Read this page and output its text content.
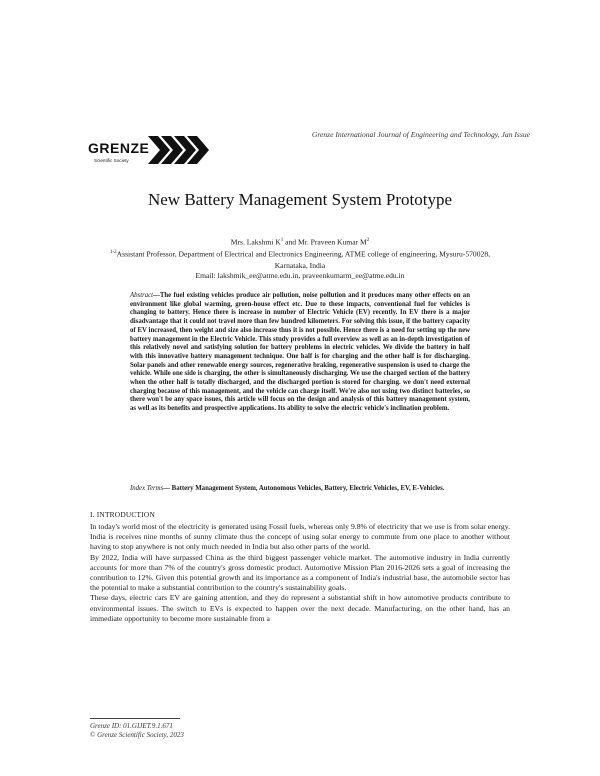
Grenze International Journal of Engineering and Technology, Jan Issue
GRENZE
Scientific Society
New Battery Management System Prototype
Mrs. Lakshmi $K^1$ and Mr. Praveen Kumar $M^2$
$^{1-2}$Assistant Professor, Department of Electrical and Electronics Engineering, ATME college of engineering, Mysuru-570028,
Karnataka, India
Email: lakshmik_ee@atme.edu.in, praveenkumarm_ee@atme.edu.in
Abstract—The fuel existing vehicles produce air pollution, noise pollution and it produces many other effects on an environment like global warming, green-house effect etc. Due to these impacts, conventional fuel for vehicles is changing to battery. Hence there is increase in number of Electric Vehicle (EV) recently. In EV there is a major disadvantage that it could not travel more than few hundred kilometers. For solving this issue, if the battery capacity of EV increased, then weight and size also increase thus it is not possible. Hence there is a need for setting up the new battery management in the Electric Vehicle. This study provides a full overview as well as an in-depth investigation of this relatively novel and satisfying solution for battery problems in electric vehicles. We divide the battery in half with this innovative battery management technique. One half is for charging and the other half is for discharging. Solar panels and other renewable energy sources, regenerative braking, regenerative suspension is used to charge the vehicle. While one side is charging, the other is simultaneously discharging. We use the charged section of the battery when the other half is totally discharged, and the discharged portion is stored for charging. we don't need external charging because of this management, and the vehicle can charge itself. We're also not using two distinct batteries, so there won't be any space issues, this article will focus on the design and analysis of this battery management system, as well as its benefits and prospective applications. Its ability to solve the electric vehicle's inclination problem.
Index Terms— Battery Management System, Autonomous Vehicles, Battery, Electric Vehicles, EV, E-Vehicles.
I. INTRODUCTION

In today's world most of the electricity is generated using Fossil fuels, whereas only 9.8% of electricity that we use is from solar energy. India is receives nine months of sunny climate thus the concept of using solar energy to commute from one place to another without having to stop anywhere is not only much needed in India but also other parts of the world.

By 2022, India will have surpassed China as the third biggest passenger vehicle market. The automotive industry in India currently accounts for more than 7% of the country's gross domestic product. Automotive Mission Plan 2016-2026 sets a goal of increasing the contribution to 12%. Given this potential growth and its importance as a component of India's industrial base, the automobile sector has the potential to make a substantial contribution to the country's sustainability goals.

These days, electric cars EV are gaining attention, and they do represent a substantial shift in how automotive products contribute to environmental issues. The switch to EVs is expected to happen over the next decade. Manufacturing, on the other hand, has an immediate opportunity to become more sustainable from a

Grenze ID: 01.GIJET.9.1.671
© Grenze Scientific Society, 2023
